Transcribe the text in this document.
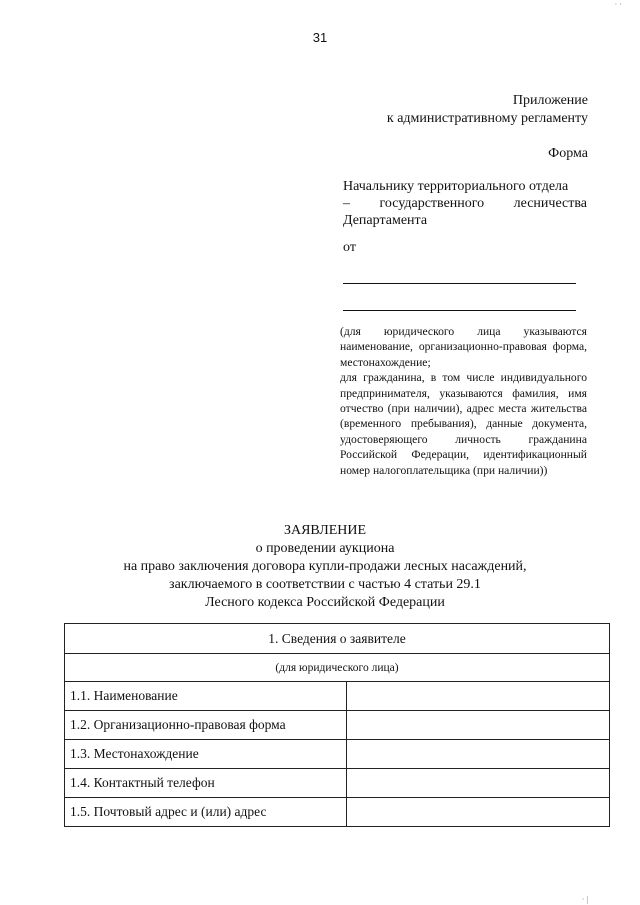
· ·
31
Приложение
к административному регламенту
Форма
Начальнику территориального отдела
– государственного лесничества
Департамента
от

(для юридического лица указываются наименование, организационно-правовая форма, местонахождение;

для гражданина, в том числе индивидуального предпринимателя, указываются фамилия, имя отчество (при наличии), адрес места жительства (временного пребывания), данные документа, удостоверяющего личность гражданина Российской Федерации, идентификационный номер налогоплательщика (при наличии))

ЗАЯВЛЕНИЕ
о проведении аукциона
на право заключения договора купли-продажи лесных насаждений,
заключаемого в соответствии с частью 4 статьи 29.1
Лесного кодекса Российской Федерации
1. Сведения о заявителе	
(для юридического лица)	
1.1. Наименование	
1.2. Организационно-правовая форма	
1.3. Местонахождение	
1.4. Контактный телефон	
1.5. Почтовый адрес и (или) адрес	
· |
